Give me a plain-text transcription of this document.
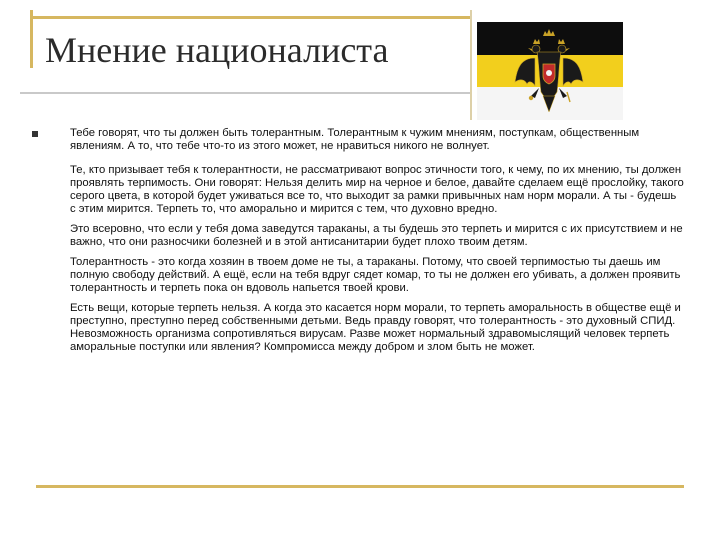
Мнение националиста

Тебе говорят, что ты должен быть толерантным. Толерантным к чужим мнениям, поступкам, общественным явлениям. А то, что тебе что-то из этого может, не нравиться никого не волнует.

Те, кто призывает тебя к толерантности, не рассматривают вопрос этичности того, к чему, по их мнению, ты должен проявлять терпимость. Они говорят: Нельзя делить мир на черное и белое, давайте сделаем ещё прослойку, такого серого цвета, в которой будет уживаться все то, что выходит за рамки привычных нам норм морали. А ты - будешь с этим мирится. Терпеть то, что аморально и мирится с тем, что духовно вредно.

Это всеровно, что если у тебя дома заведутся тараканы, а ты будешь это терпеть и мирится с их присутствием и не важно, что они разносчики болезней и в этой антисанитарии будет плохо твоим детям.

Толерантность - это когда хозяин в твоем доме не ты, а тараканы. Потому, что своей терпимостью ты даешь им полную свободу действий. А ещё, если на тебя вдруг сядет комар, то ты не должен его убивать, а должен проявить толерантность и терпеть пока он вдоволь напьется твоей крови.

Есть вещи, которые терпеть нельзя. А когда это касается норм морали, то терпеть аморальность в обществе ещё и преступно, преступно перед собственными детьми. Ведь правду говорят, что толерантность - это духовный СПИД. Невозможность организма сопротивляться вирусам. Разве может нормальный здравомыслящий человек терпеть аморальные поступки или явления? Компромисса между добром и злом быть не может.
